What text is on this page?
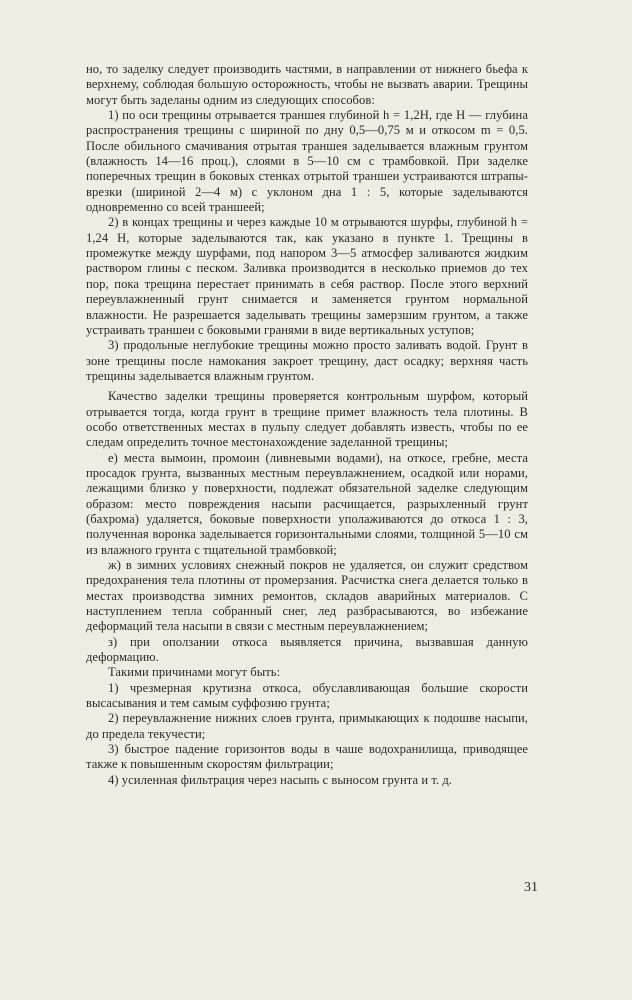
но, то заделку следует производить частями, в направлении от нижнего бьефа к верхнему, соблюдая большую осторожность, чтобы не вызвать аварии. Трещины могут быть заделаны одним из следующих способов:

1) по оси трещины отрывается траншея глубиной h = 1,2H, где H — глубина распространения трещины с шириной по дну 0,5—0,75 м и откосом m = 0,5. После обильного смачивания отрытая траншея заделывается влажным грунтом (влажность 14—16 проц.), слоями в 5—10 см с трамбовкой. При заделке поперечных трещин в боковых стенках отрытой траншеи устраиваются штрапы-врезки (шириной 2—4 м) с уклоном дна 1 : 5, которые заделываются одновременно со всей траншеей;

2) в концах трещины и через каждые 10 м отрываются шурфы, глубиной h = 1,24 H, которые заделываются так, как указано в пункте 1. Трещины в промежутке между шурфами, под напором 3—5 атмосфер заливаются жидким раствором глины с песком. Заливка производится в несколько приемов до тех пор, пока трещина перестает принимать в себя раствор. После этого верхний переувлажненный грунт снимается и заменяется грунтом нормальной влажности. Не разрешается заделывать трещины замерзшим грунтом, а также устраивать траншеи с боковыми гранями в виде вертикальных уступов;

3) продольные неглубокие трещины можно просто заливать водой. Грунт в зоне трещины после намокания закроет трещину, даст осадку; верхняя часть трещины заделывается влажным грунтом.

Качество заделки трещины проверяется контрольным шурфом, который отрывается тогда, когда грунт в трещине примет влажность тела плотины. В особо ответственных местах в пульпу следует добавлять известь, чтобы по ее следам определить точное местонахождение заделанной трещины;

е) места вымоин, промоин (ливневыми водами), на откосе, гребне, места просадок грунта, вызванных местным переувлажнением, осадкой или норами, лежащими близко у поверхности, подлежат обязательной заделке следующим образом: место повреждения насыпи расчищается, разрыхленный грунт (бахрома) удаляется, боковые поверхности уполаживаются до откоса 1 : 3, полученная воронка заделывается горизонтальными слоями, толщиной 5—10 см из влажного грунта с тщательной трамбовкой;

ж) в зимних условиях снежный покров не удаляется, он служит средством предохранения тела плотины от промерзания. Расчистка снега делается только в местах производства зимних ремонтов, складов аварийных материалов. С наступлением тепла собранный снег, лед разбрасываются, во избежание деформаций тела насыпи в связи с местным переувлажнением;

з) при оползании откоса выявляется причина, вызвавшая данную деформацию.

Такими причинами могут быть:

1) чрезмерная крутизна откоса, обуславливающая большие скорости высасывания и тем самым суффозию грунта;

2) переувлажнение нижних слоев грунта, примыкающих к подошве насыпи, до предела текучести;

3) быстрое падение горизонтов воды в чаше водохранилища, приводящее также к повышенным скоростям фильтрации;

4) усиленная фильтрация через насыпь с выносом грунта и т. д.

31
